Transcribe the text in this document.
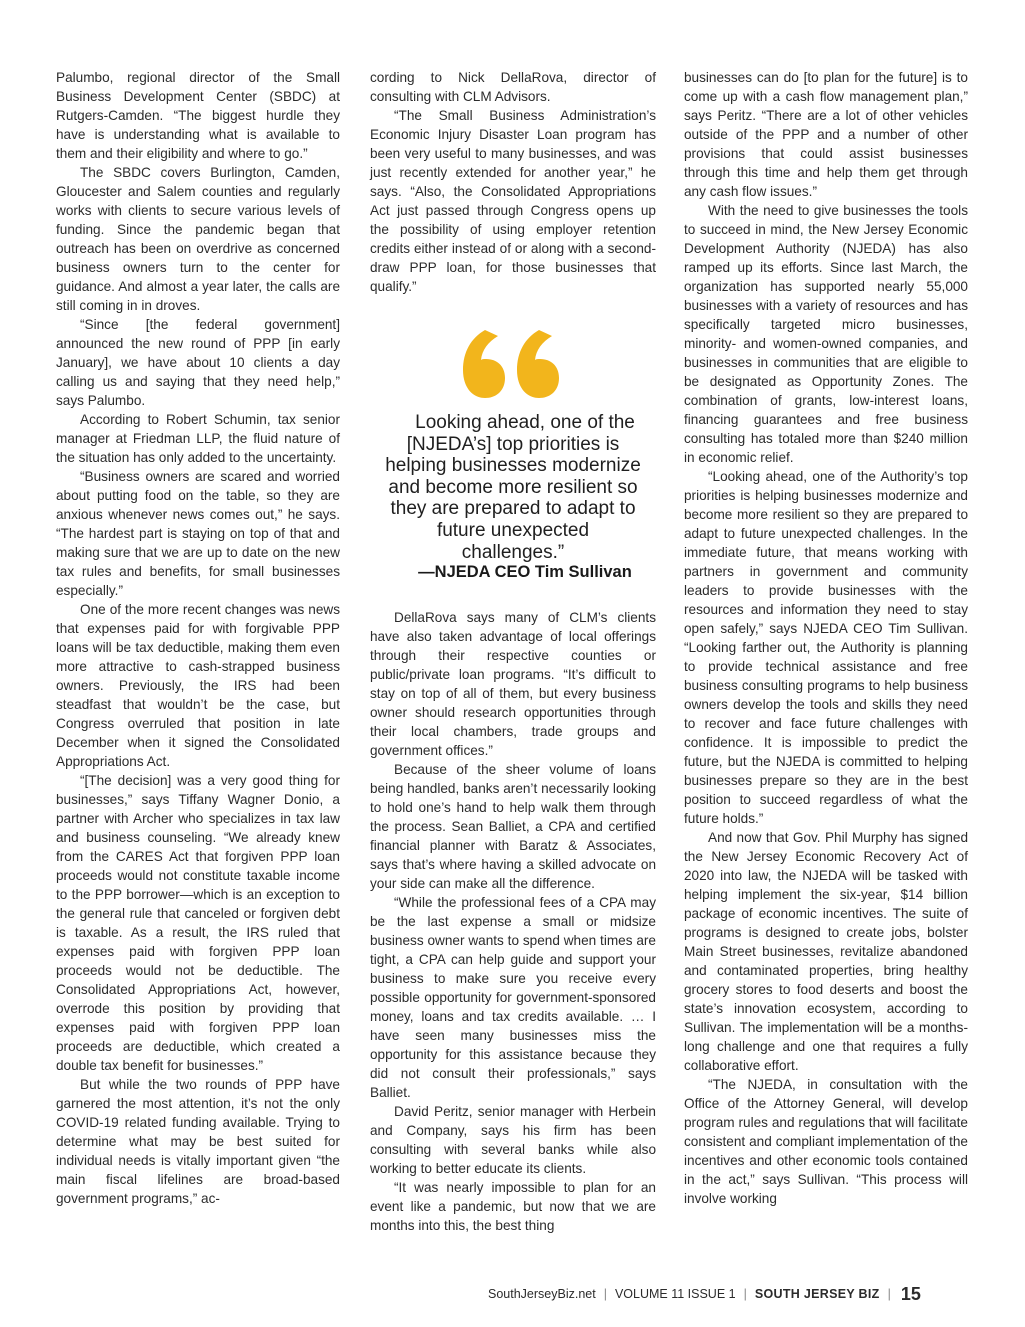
Palumbo, regional director of the Small Business Development Center (SBDC) at Rutgers-Camden. “The biggest hurdle they have is understanding what is available to them and their eligibility and where to go.”

The SBDC covers Burlington, Camden, Gloucester and Salem counties and regularly works with clients to secure various levels of funding. Since the pandemic began that outreach has been on overdrive as concerned business owners turn to the center for guidance. And almost a year later, the calls are still coming in in droves.

“Since [the federal government] announced the new round of PPP [in early January], we have about 10 clients a day calling us and saying that they need help,” says Palumbo.

According to Robert Schumin, tax senior manager at Friedman LLP, the fluid nature of the situation has only added to the uncertainty.

“Business owners are scared and worried about putting food on the table, so they are anxious whenever news comes out,” he says. “The hardest part is staying on top of that and making sure that we are up to date on the new tax rules and benefits, for small businesses especially.”

One of the more recent changes was news that expenses paid for with forgivable PPP loans will be tax deductible, making them even more attractive to cash-strapped business owners. Previously, the IRS had been steadfast that wouldn’t be the case, but Congress overruled that position in late December when it signed the Consolidated Appropriations Act.

“[The decision] was a very good thing for businesses,” says Tiffany Wagner Donio, a partner with Archer who specializes in tax law and business counseling. “We already knew from the CARES Act that forgiven PPP loan proceeds would not constitute taxable income to the PPP borrower—which is an exception to the general rule that canceled or forgiven debt is taxable. As a result, the IRS ruled that expenses paid with forgiven PPP loan proceeds would not be deductible. The Consolidated Appropriations Act, however, overrode this position by providing that expenses paid with forgiven PPP loan proceeds are deductible, which created a double tax benefit for businesses.”

But while the two rounds of PPP have garnered the most attention, it’s not the only COVID-19 related funding available. Trying to determine what may be best suited for individual needs is vitally important given “the main fiscal lifelines are broad-based government programs,” ac-

cording to Nick DellaRova, director of consulting with CLM Advisors.

“The Small Business Administration’s Economic Injury Disaster Loan program has been very useful to many businesses, and was just recently extended for another year,” he says. “Also, the Consolidated Appropriations Act just passed through Congress opens up the possibility of using employer retention credits either instead of or along with a second-draw PPP loan, for those businesses that qualify.”

Looking ahead, one of the [NJEDA’s] top priorities is helping businesses modernize and become more resilient so they are prepared to adapt to future unexpected challenges.”

—NJEDA CEO Tim Sullivan

DellaRova says many of CLM’s clients have also taken advantage of local offerings through their respective counties or public/private loan programs. “It’s difficult to stay on top of all of them, but every business owner should research opportunities through their local chambers, trade groups and government offices.”

Because of the sheer volume of loans being handled, banks aren’t necessarily looking to hold one’s hand to help walk them through the process. Sean Balliet, a CPA and certified financial planner with Baratz & Associates, says that’s where having a skilled advocate on your side can make all the difference.

“While the professional fees of a CPA may be the last expense a small or midsize business owner wants to spend when times are tight, a CPA can help guide and support your business to make sure you receive every possible opportunity for government-sponsored money, loans and tax credits available. … I have seen many businesses miss the opportunity for this assistance because they did not consult their professionals,” says Balliet.

David Peritz, senior manager with Herbein and Company, says his firm has been consulting with several banks while also working to better educate its clients.

“It was nearly impossible to plan for an event like a pandemic, but now that we are months into this, the best thing

businesses can do [to plan for the future] is to come up with a cash flow management plan,” says Peritz. “There are a lot of other vehicles outside of the PPP and a number of other provisions that could assist businesses through this time and help them get through any cash flow issues.”

With the need to give businesses the tools to succeed in mind, the New Jersey Economic Development Authority (NJEDA) has also ramped up its efforts. Since last March, the organization has supported nearly 55,000 businesses with a variety of resources and has specifically targeted micro businesses, minority- and women-owned companies, and businesses in communities that are eligible to be designated as Opportunity Zones. The combination of grants, low-interest loans, financing guarantees and free business consulting has totaled more than $240 million in economic relief.

“Looking ahead, one of the Authority’s top priorities is helping businesses modernize and become more resilient so they are prepared to adapt to future unexpected challenges. In the immediate future, that means working with partners in government and community leaders to provide businesses with the resources and information they need to stay open safely,” says NJEDA CEO Tim Sullivan. “Looking farther out, the Authority is planning to provide technical assistance and free business consulting programs to help business owners develop the tools and skills they need to recover and face future challenges with confidence. It is impossible to predict the future, but the NJEDA is committed to helping businesses prepare so they are in the best position to succeed regardless of what the future holds.”

And now that Gov. Phil Murphy has signed the New Jersey Economic Recovery Act of 2020 into law, the NJEDA will be tasked with helping implement the six-year, $14 billion package of economic incentives. The suite of programs is designed to create jobs, bolster Main Street businesses, revitalize abandoned and contaminated properties, bring healthy grocery stores to food deserts and boost the state’s innovation ecosystem, according to Sullivan. The implementation will be a months-long challenge and one that requires a fully collaborative effort.

“The NJEDA, in consultation with the Office of the Attorney General, will develop program rules and regulations that will facilitate consistent and compliant implementation of the incentives and other economic tools contained in the act,” says Sullivan. “This process will involve working

SouthJerseyBiz.net | VOLUME 11 ISSUE 1 | SOUTH JERSEY BIZ | 15
